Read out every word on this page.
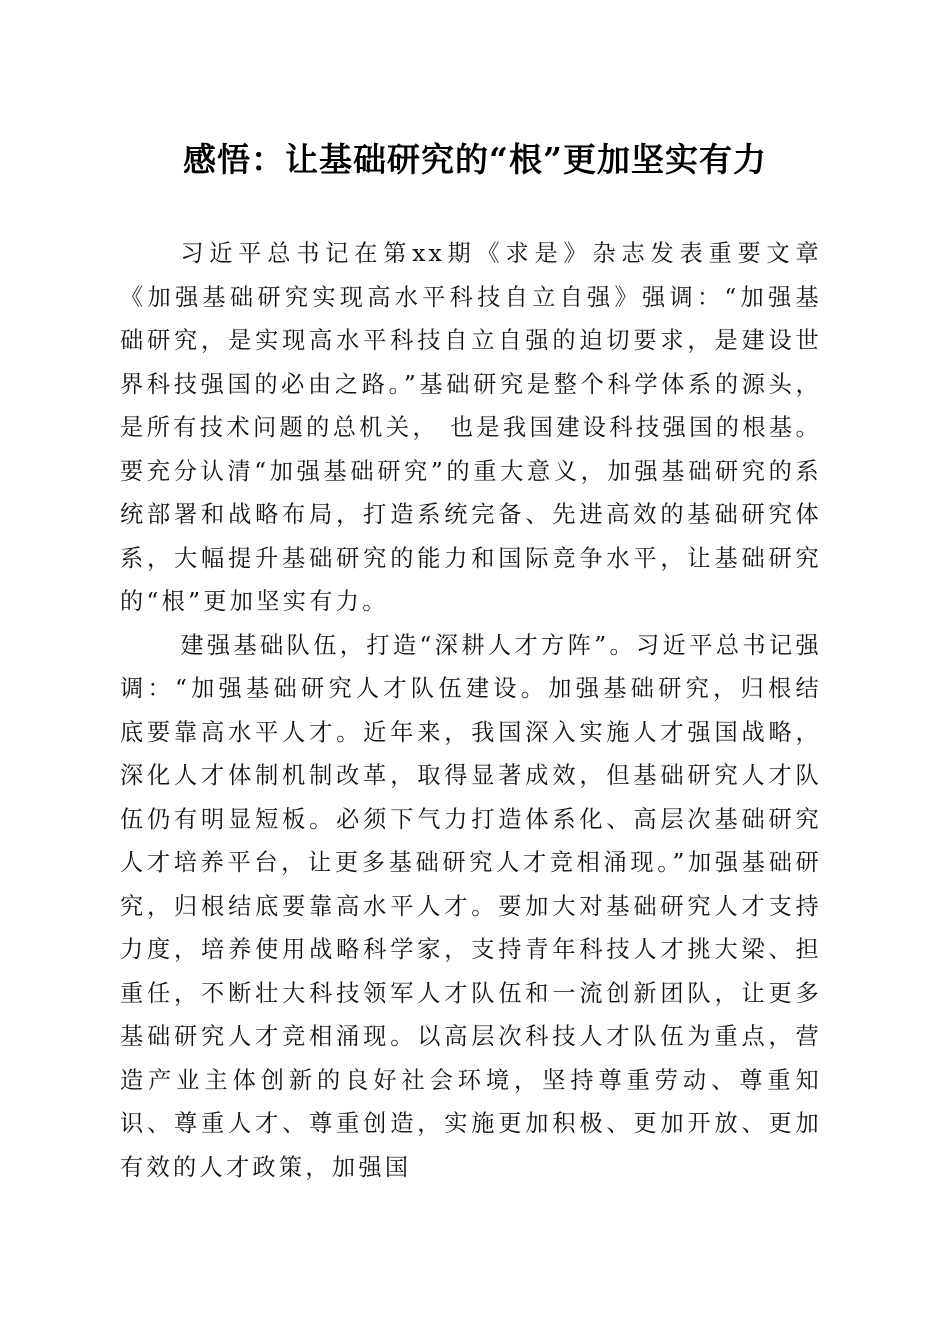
感悟：让基础研究的“根”更加坚实有力

习近平总书记在第xx期《求是》杂志发表重要文章《加强基础研究实现高水平科技自立自强》强调：“加强基础研究，是实现高水平科技自立自强的迫切要求，是建设世界科技强国的必由之路。”基础研究是整个科学体系的源头，是所有技术问题的总机关， 也是我国建设科技强国的根基。要充分认清“加强基础研究”的重大意义，加强基础研究的系统部署和战略布局，打造系统完备、先进高效的基础研究体系，大幅提升基础研究的能力和国际竞争水平，让基础研究的“根”更加坚实有力。

建强基础队伍，打造“深耕人才方阵”。习近平总书记强调：“加强基础研究人才队伍建设。加强基础研究，归根结底要靠高水平人才。近年来，我国深入实施人才强国战略，深化人才体制机制改革，取得显著成效，但基础研究人才队伍仍有明显短板。必须下气力打造体系化、高层次基础研究人才培养平台，让更多基础研究人才竞相涌现。”加强基础研究，归根结底要靠高水平人才。要加大对基础研究人才支持力度，培养使用战略科学家，支持青年科技人才挑大梁、担重任，不断壮大科技领军人才队伍和一流创新团队，让更多基础研究人才竞相涌现。以高层次科技人才队伍为重点，营造产业主体创新的良好社会环境，坚持尊重劳动、尊重知识、尊重人才、尊重创造，实施更加积极、更加开放、更加有效的人才政策，加强国
